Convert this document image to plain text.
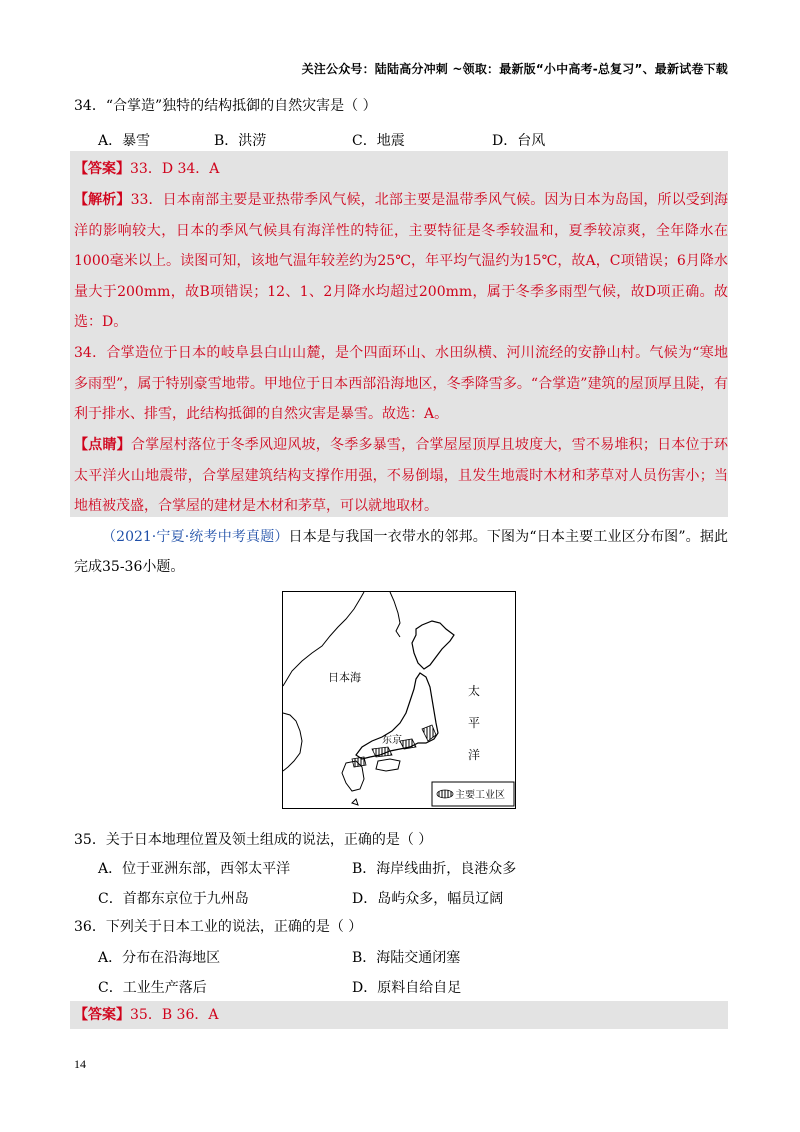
关注公众号：陆陆高分冲刺 ~领取：最新版“小中高考-总复习”、最新试卷下载
34．“合掌造”独特的结构抵御的自然灾害是（ ）
A．暴雪	B．洪涝	C．地震	D．台风
【答案】33．D 34．A
【解析】33．日本南部主要是亚热带季风气候，北部主要是温带季风气候。因为日本为岛国，所以受到海洋的影响较大，日本的季风气候具有海洋性的特征，主要特征是冬季较温和，夏季较凉爽，全年降水在1000毫米以上。读图可知，该地气温年较差约为25℃，年平均气温约为15℃，故A，C项错误；6月降水量大于200mm，故B项错误；12、1、2月降水均超过200mm，属于冬季多雨型气候，故D项正确。故选：D。
34．合掌造位于日本的岐阜县白山山麓，是个四面环山、水田纵横、河川流经的安静山村。气候为“寒地多雨型”，属于特别豪雪地带。甲地位于日本西部沿海地区，冬季降雪多。“合掌造”建筑的屋顶厚且陡，有利于排水、排雪，此结构抵御的自然灾害是暴雪。故选：A。
【点睛】合掌屋村落位于冬季风迎风坡，冬季多暴雪，合掌屋屋顶厚且坡度大，雪不易堆积；日本位于环太平洋火山地震带，合掌屋建筑结构支撑作用强，不易倒塌，且发生地震时木材和茅草对人员伤害小；当地植被茂盛，合掌屋的建材是木材和茅草，可以就地取材。
（2021·宁夏·统考中考真题）日本是与我国一衣带水的邻邦。下图为“日本主要工业区分布图”。据此完成35-36小题。
日本海
太
平
洋
东京
主要工业区
35．关于日本地理位置及领土组成的说法，正确的是（ ）
A．位于亚洲东部，西邻太平洋	B．海岸线曲折，良港众多
C．首都东京位于九州岛	D．岛屿众多，幅员辽阔
36．下列关于日本工业的说法，正确的是（ ）
A．分布在沿海地区	B．海陆交通闭塞
C．工业生产落后	D．原料自给自足
【答案】35．B 36．A
14
